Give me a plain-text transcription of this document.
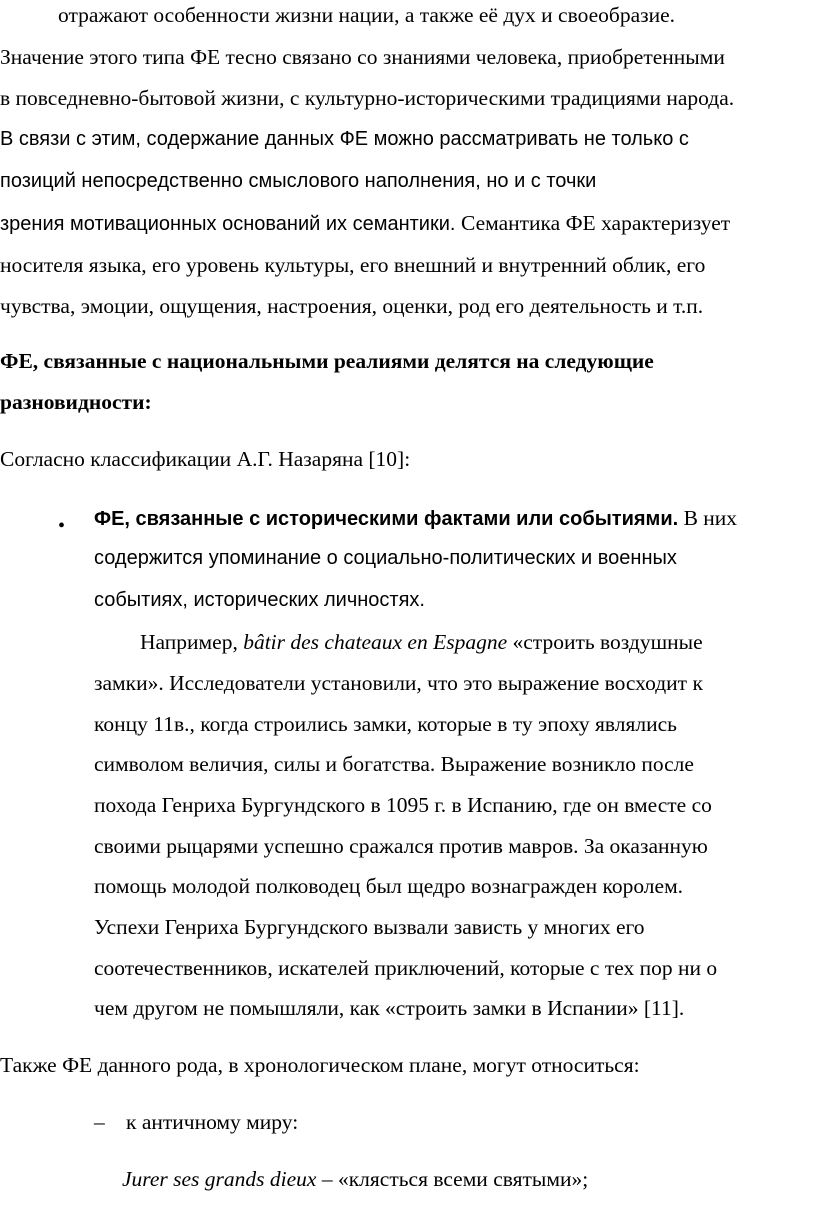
отражают особенности жизни нации, а также её дух и своеобразие.

Значение этого типа ФЕ тесно связано со знаниями человека, приобретенными

в повседневно-бытовой жизни, с культурно-историческими традициями народа.

В связи с этим, содержание данных ФЕ можно рассматривать не только с

позиций непосредственно смыслового наполнения, но и с точки

зрения мотивационных оснований их семантики. Семантика ФЕ характеризует

носителя языка, его уровень культуры, его внешний и внутренний облик, его

чувства, эмоции, ощущения, настроения, оценки, род его деятельность и т.п.

ФЕ, связанные с национальными реалиями делятся на следующие

разновидности:

Согласно классификации А.Г. Назаряна [10]:

• ФЕ, связанные с историческими фактами или событиями. В них

содержится упоминание о социально-политических и военных

событиях, исторических личностях.

Например, bâtir des chateaux en Espagne «строить воздушные

замки». Исследователи установили, что это выражение восходит к

концу 11в., когда строились замки, которые в ту эпоху являлись

символом величия, силы и богатства. Выражение возникло после

похода Генриха Бургундского в 1095 г. в Испанию, где он вместе со

своими рыцарями успешно сражался против мавров. За оказанную

помощь молодой полководец был щедро вознагражден королем.

Успехи Генриха Бургундского вызвали зависть у многих его

соотечественников, искателей приключений, которые с тех пор ни о

чем другом не помышляли, как «строить замки в Испании» [11].

Также ФЕ данного рода, в хронологическом плане, могут относиться:

– к античному миру:

Jurer ses grands dieux – «клясться всеми святыми»;
